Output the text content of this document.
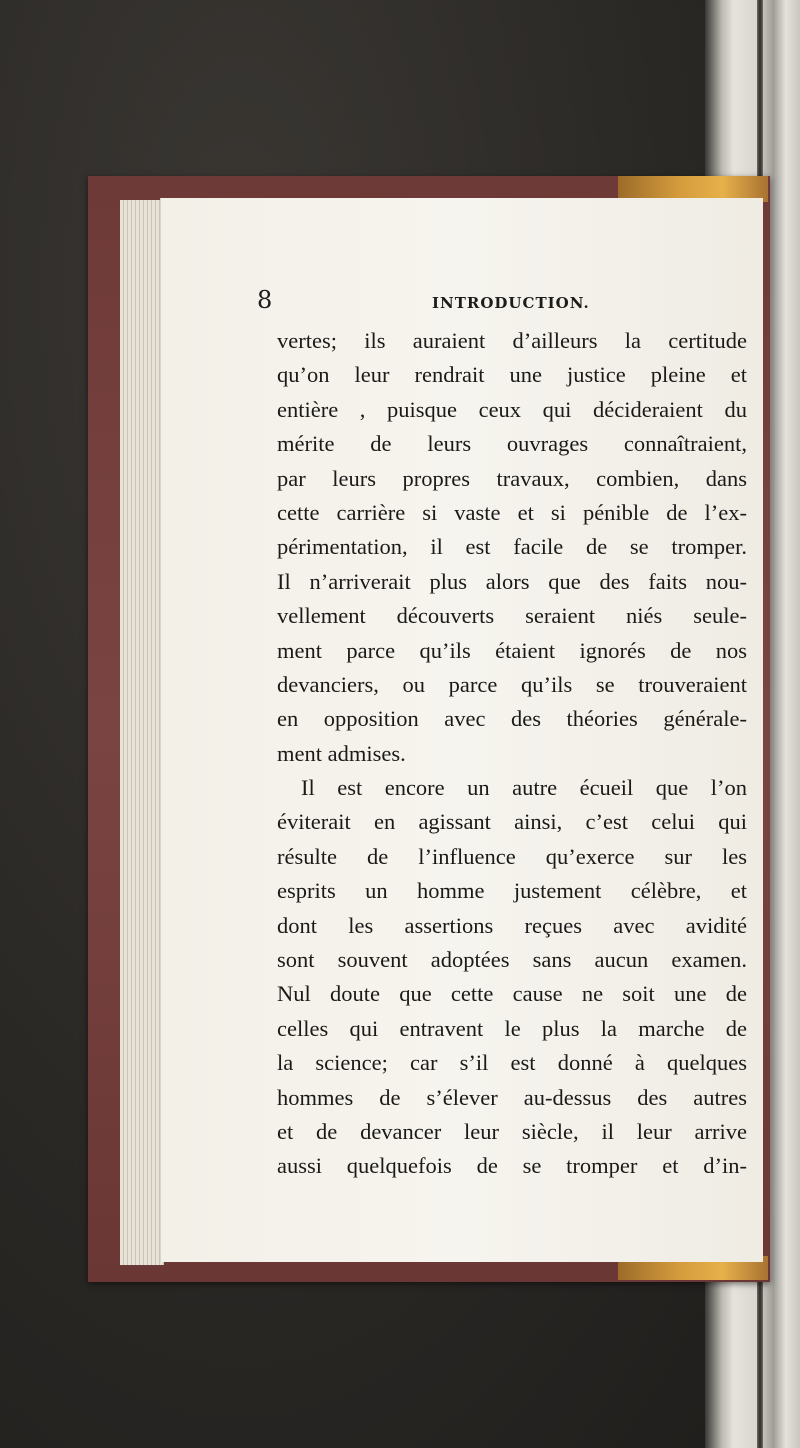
8	INTRODUCTION.
vertes; ils auraient d’ailleurs la certitude
qu’on leur rendrait une justice pleine et
entière , puisque ceux qui décideraient du
mérite de leurs ouvrages connaîtraient,
par leurs propres travaux, combien, dans
cette carrière si vaste et si pénible de l’ex-
périmentation, il est facile de se tromper.
Il n’arriverait plus alors que des faits nou-
vellement découverts seraient niés seule-
ment parce qu’ils étaient ignorés de nos
devanciers, ou parce qu’ils se trouveraient
en opposition avec des théories générale-
ment admises.
Il est encore un autre écueil que l’on
éviterait en agissant ainsi, c’est celui qui
résulte de l’influence qu’exerce sur les
esprits un homme justement célèbre, et
dont les assertions reçues avec avidité
sont souvent adoptées sans aucun examen.
Nul doute que cette cause ne soit une de
celles qui entravent le plus la marche de
la science; car s’il est donné à quelques
hommes de s’élever au-dessus des autres
et de devancer leur siècle, il leur arrive
aussi quelquefois de se tromper et d’in-
